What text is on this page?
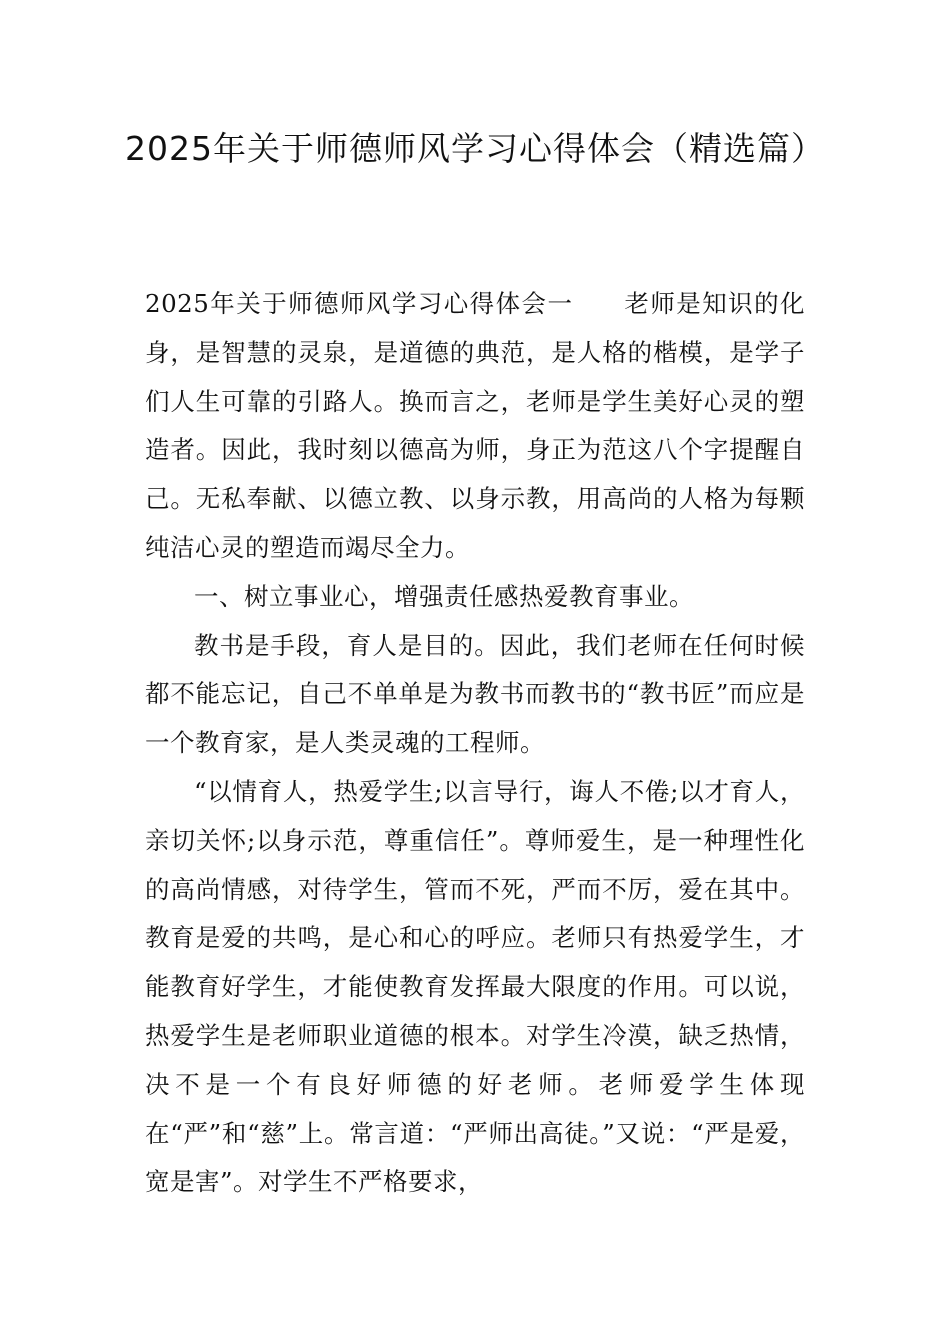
2025年关于师德师风学习心得体会（精选篇）

2025年关于师德师风学习心得体会一 老师是知识的化身，是智慧的灵泉，是道德的典范，是人格的楷模，是学子们人生可靠的引路人。换而言之，老师是学生美好心灵的塑造者。因此，我时刻以德高为师，身正为范这八个字提醒自己。无私奉献、以德立教、以身示教，用高尚的人格为每颗纯洁心灵的塑造而竭尽全力。

一、树立事业心，增强责任感热爱教育事业。

教书是手段，育人是目的。因此，我们老师在任何时候都不能忘记，自己不单单是为教书而教书的“教书匠”而应是一个教育家，是人类灵魂的工程师。

“以情育人，热爱学生;以言导行，诲人不倦;以才育人，亲切关怀;以身示范，尊重信任”。尊师爱生，是一种理性化的高尚情感，对待学生，管而不死，严而不厉，爱在其中。教育是爱的共鸣，是心和心的呼应。老师只有热爱学生，才能教育好学生，才能使教育发挥最大限度的作用。可以说，热爱学生是老师职业道德的根本。对学生冷漠，缺乏热情，决不是一个有良好师德的好老师。老师爱学生体现在“严”和“慈”上。常言道：“严师出高徒。”又说：“严是爱，宽是害”。对学生不严格要求，
